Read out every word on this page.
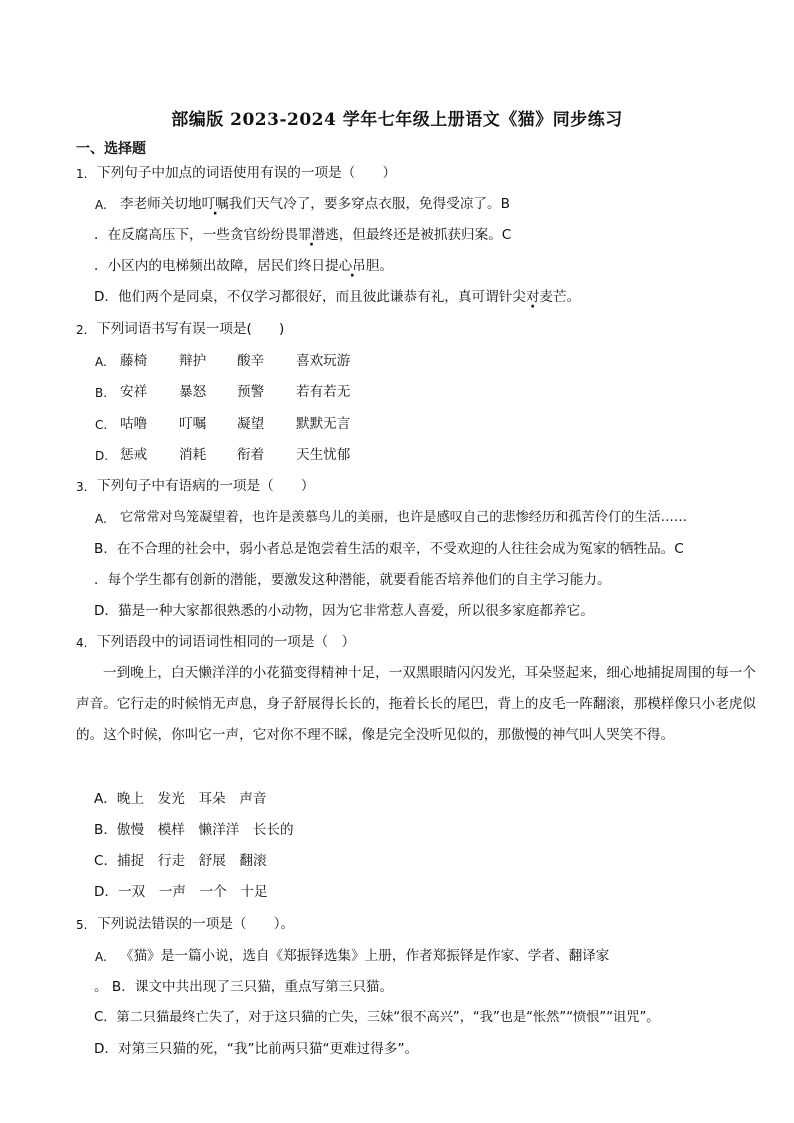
部编版 2023-2024 学年七年级上册语文《猫》同步练习
一、选择题
1. 下列句子中加点的词语使用有误的一项是（　　）
A. 李老师关切地叮嘱我们天气冷了，要多穿点衣服，免得受凉了。B
．在反腐高压下，一些贪官纷纷畏罪潜逃，但最终还是被抓获归案。C
．小区内的电梯频出故障，居民们终日提心吊胆。
D．他们两个是同桌，不仅学习都很好，而且彼此谦恭有礼，真可谓针尖对麦芒 ·。
2. 下列词语书写有误一项是(　　)
A. 藤椅 辩护 酸辛 喜欢玩游
B. 安祥 暴怒 预警 若有若无
C. 咕噜 叮嘱 凝望 默默无言
D. 惩戒 消耗 衔着 天生忧郁
3. 下列句子中有语病的一项是（　　）
A. 它常常对鸟笼凝望着，也许是羡慕鸟儿的美丽，也许是感叹自己的悲惨经历和孤苦伶仃的生活……
B．在不合理的社会中，弱小者总是饱尝着生活的艰辛，不受欢迎的人往往会成为冤家的牺牲品。C
．每个学生都有创新的潜能，要激发这种潜能，就要看能否培养他们的自主学习能力。
D．猫是一种大家都很熟悉的小动物，因为它非常惹人喜爱，所以很多家庭都养它。
4. 下列语段中的词语词性相同的一项是（　）
一到晚上，白天懒洋洋的小花猫变得精神十足，一双黑眼睛闪闪发光，耳朵竖起来，细心地捕捉周围的每一个声音。它行走的时候悄无声息，身子舒展得长长的，拖着长长的尾巴，背上的皮毛一阵翻滚，那模样像只小老虎似的。这个时候，你叫它一声，它对你不理不睬，像是完全没听见似的，那傲慢的神气叫人哭笑不得。
A．晚上　发光　耳朵　声音
B．傲慢　模样　懒洋洋　长长的
C．捕捉　行走　舒展　翻滚
D．一双　一声　一个　十足
5. 下列说法错误的一项是（　　）。
A. 《猫》是一篇小说，选自《郑振铎选集》上册，作者郑振铎是作家、学者、翻译家
。 B．课文中共出现了三只猫，重点写第三只猫。
C．第二只猫最终亡失了，对于这只猫的亡失，三妹“很不高兴”，“我”也是“怅然”“愤恨”“诅咒”。
D．对第三只猫的死，“我”比前两只猫“更难过得多”。
